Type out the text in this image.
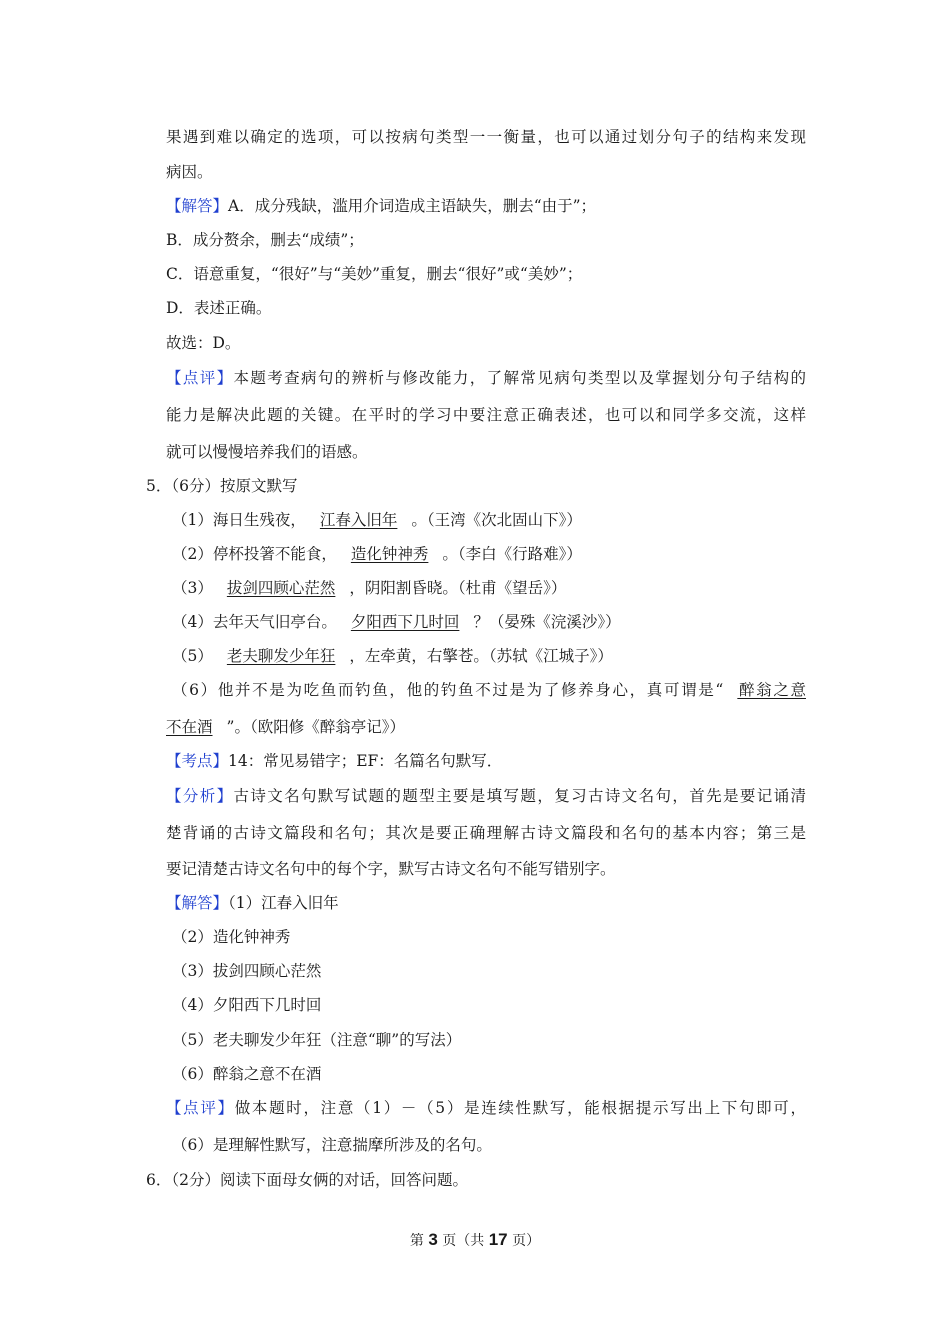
果遇到难以确定的选项，可以按病句类型一一衡量，也可以通过划分句子的结构来发现
病因。
【解答】A．成分残缺，滥用介词造成主语缺失，删去“由于”；
B．成分赘余，删去“成绩”；
C．语意重复，“很好”与“美妙”重复，删去“很好”或“美妙”；
D．表述正确。
故选：D。
【点评】本题考查病句的辨析与修改能力，了解常见病句类型以及掌握划分句子结构的
能力是解决此题的关键。在平时的学习中要注意正确表述，也可以和同学多交流，这样
就可以慢慢培养我们的语感。
5．（6分）按原文默写
（1）海日生残夜， 江春入旧年 。（王湾《次北固山下》）
（2）停杯投箸不能食， 造化钟神秀 。（李白《行路难》）
（3） 拔剑四顾心茫然 ，阴阳割昏晓。（杜甫《望岳》）
（4）去年天气旧亭台。 夕阳西下几时回 ？（晏殊《浣溪沙》）
（5） 老夫聊发少年狂 ，左牵黄，右擎苍。（苏轼《江城子》）
（6）他并不是为吃鱼而钓鱼，他的钓鱼不过是为了修养身心，真可谓是“ 醉翁之意
不在酒 ”。（欧阳修《醉翁亭记》）
【考点】14：常见易错字；EF：名篇名句默写．
【分析】古诗文名句默写试题的题型主要是填写题，复习古诗文名句，首先是要记诵清
楚背诵的古诗文篇段和名句；其次是要正确理解古诗文篇段和名句的基本内容；第三是
要记清楚古诗文名句中的每个字，默写古诗文名句不能写错别字。
【解答】（1）江春入旧年
（2）造化钟神秀
（3）拔剑四顾心茫然
（4）夕阳西下几时回
（5）老夫聊发少年狂（注意“聊”的写法）
（6）醉翁之意不在酒
【点评】做本题时，注意（1）－（5）是连续性默写，能根据提示写出上下句即可，
（6）是理解性默写，注意揣摩所涉及的名句。
6．（2分）阅读下面母女俩的对话，回答问题。
第 3 页（共 17 页）
